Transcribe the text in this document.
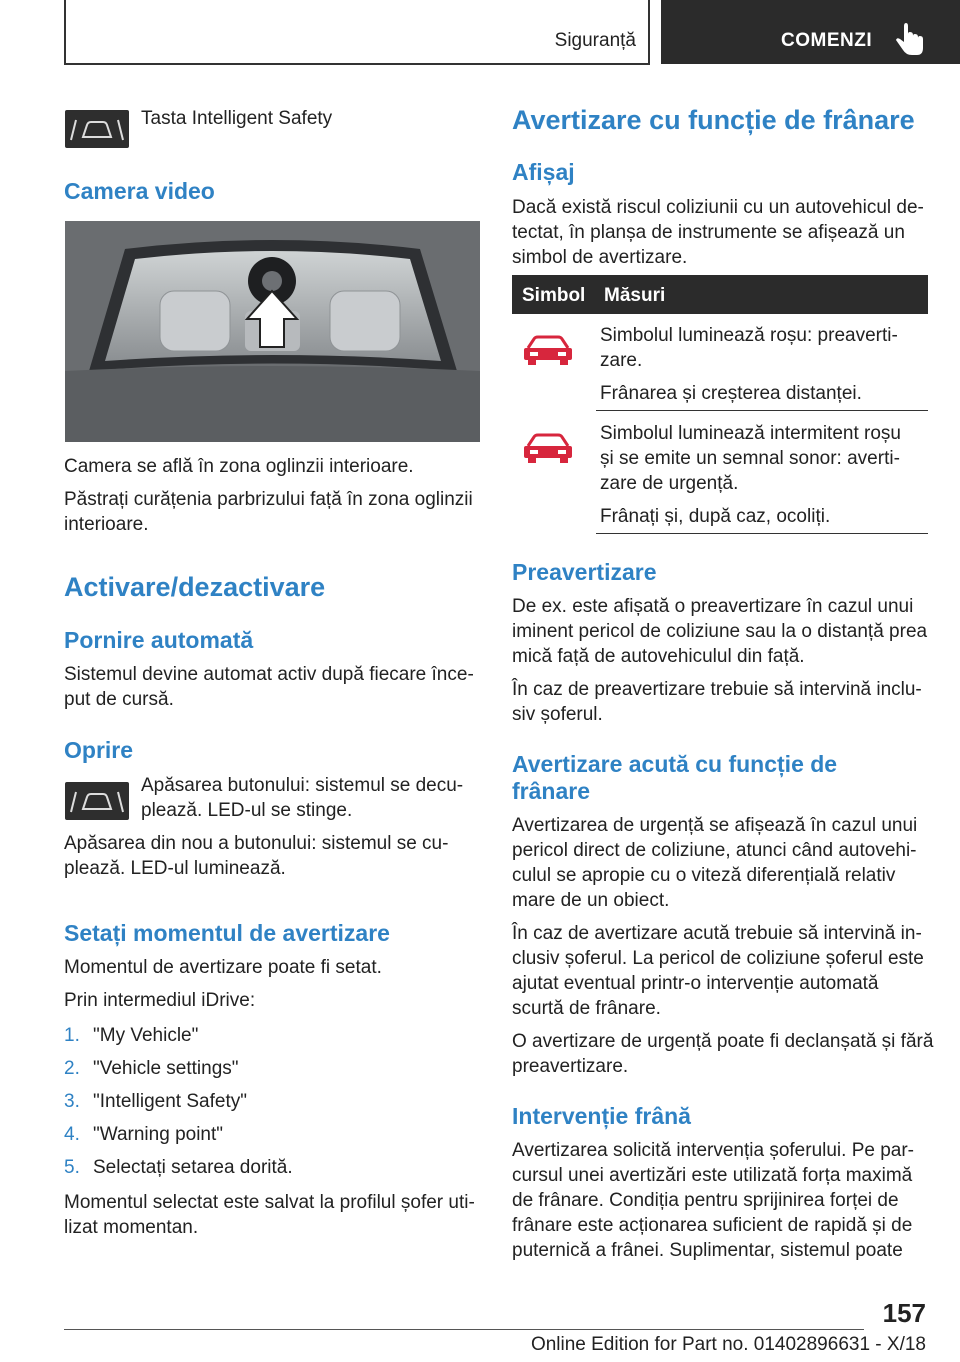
Siguranță	COMENZI
Tasta Intelligent Safety
Camera video
Camera se află în zona oglinzii interioare.
Păstrați curățenia parbrizului față în zona oglinzii
interioare.
Activare/dezactivare
Pornire automată
Sistemul devine automat activ după fiecare înce-
put de cursă.
Oprire
Apăsarea butonului: sistemul se decu-
plează. LED-ul se stinge.
Apăsarea din nou a butonului: sistemul se cu-
plează. LED-ul luminează.
Setați momentul de avertizare
Momentul de avertizare poate fi setat.
Prin intermediul iDrive:
1. "My Vehicle"
2. "Vehicle settings"
3. "Intelligent Safety"
4. "Warning point"
5. Selectați setarea dorită.
Momentul selectat este salvat la profilul șofer uti-
lizat momentan.
Avertizare cu funcție de frânare
Afișaj
Dacă există riscul coliziunii cu un autovehicul de-
tectat, în planșa de instrumente se afișează un
simbol de avertizare.
Simbol Măsuri
Simbolul luminează roșu: preaverti-
zare.
Frânarea și creșterea distanței.
Simbolul luminează intermitent roșu
și se emite un semnal sonor: averti-
zare de urgență.
Frânați și, după caz, ocoliți.
Preavertizare
De ex. este afișată o preavertizare în cazul unui
iminent pericol de coliziune sau la o distanță prea
mică față de autovehiculul din față.
În caz de preavertizare trebuie să intervină inclu-
siv șoferul.
Avertizare acută cu funcție de
frânare
Avertizarea de urgență se afișează în cazul unui
pericol direct de coliziune, atunci când autovehi-
culul se apropie cu o viteză diferențială relativ
mare de un obiect.
În caz de avertizare acută trebuie să intervină in-
clusiv șoferul. La pericol de coliziune șoferul este
ajutat eventual printr-o intervenție automată
scurtă de frânare.
O avertizare de urgență poate fi declanșată și fără
preavertizare.
Intervenție frână
Avertizarea solicită intervenția șoferului. Pe par-
cursul unei avertizări este utilizată forța maximă
de frânare. Condiția pentru sprijinirea forței de
frânare este acționarea suficient de rapidă și de
puternică a frânei. Suplimentar, sistemul poate
157
Online Edition for Part no. 01402896631 - X/18
